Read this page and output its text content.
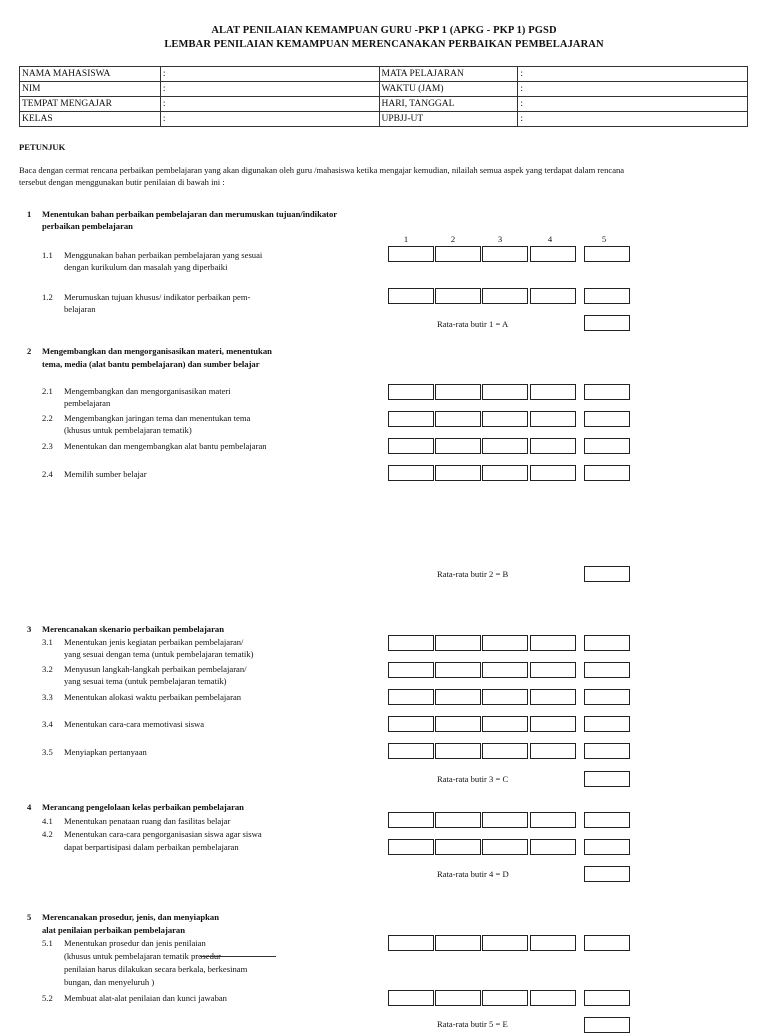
ALAT PENILAIAN KEMAMPUAN GURU -PKP 1 (APKG - PKP 1) PGSD
LEMBAR PENILAIAN KEMAMPUAN MERENCANAKAN PERBAIKAN PEMBELAJARAN
NAMA MAHASISWA	:	MATA PELAJARAN	:
NIM	:	WAKTU (JAM)	:
TEMPAT MENGAJAR	:	HARI, TANGGAL	:
KELAS	:	UPBJJ-UT	:
PETUNJUK
Baca dengan cermat rencana perbaikan pembelajaran yang akan digunakan oleh guru /mahasiswa ketika mengajar kemudian, nilailah semua aspek yang terdapat dalam rencana
tersebut dengan menggunakan butir penilaian di bawah ini :
1	2	3	4	5
1 Menentukan bahan perbaikan pembelajaran dan merumuskan tujuan/indikator
perbaikan pembelajaran
1.1 Menggunakan bahan perbaikan pembelajaran yang sesuai
dengan kurikulum dan masalah yang diperbaiki
1.2 Merumuskan tujuan khusus/ indikator perbaikan pem-
belajaran
Rata-rata butir 1 = A
2 Mengembangkan dan mengorganisasikan materi, menentukan
tema, media (alat bantu pembelajaran) dan sumber belajar
2.1 Mengembangkan dan mengorganisasikan materi
pembelajaran
2.2 Mengembangkan jaringan tema dan menentukan tema
(khusus untuk pembelajaran tematik)
2.3 Menentukan dan mengembangkan alat bantu pembelajaran
2.4 Memilih sumber belajar
Rata-rata butir 2 = B
3 Merencanakan skenario perbaikan pembelajaran
3.1 Menentukan jenis kegiatan perbaikan pembelajaran/
yang sesuai dengan tema (untuk pembelajaran tematik)
3.2 Menyusun langkah-langkah perbaikan pembelajaran/
yang sesuai tema (untuk pembelajaran tematik)
3.3 Menentukan alokasi waktu perbaikan pembelajaran
3.4 Menentukan cara-cara memotivasi siswa
3.5 Menyiapkan pertanyaan
Rata-rata butir 3 = C
4 Merancang pengelolaan kelas perbaikan pembelajaran
4.1 Menentukan penataan ruang dan fasilitas belajar
4.2 Menentukan cara-cara pengorganisasian siswa agar siswa
dapat berpartisipasi dalam perbaikan pembelajaran
Rata-rata butir 4 = D
5 Merencanakan prosedur, jenis, dan menyiapkan
alat penilaian perbaikan pembelajaran
5.1 Menentukan prosedur dan jenis penilaian
(khusus untuk pembelajaran tematik prosedur
penilaian harus dilakukan secara berkala, berkesinam
bungan, dan menyeluruh )
5.2 Membuat alat-alat penilaian dan kunci jawaban
Rata-rata butir 5 = E
